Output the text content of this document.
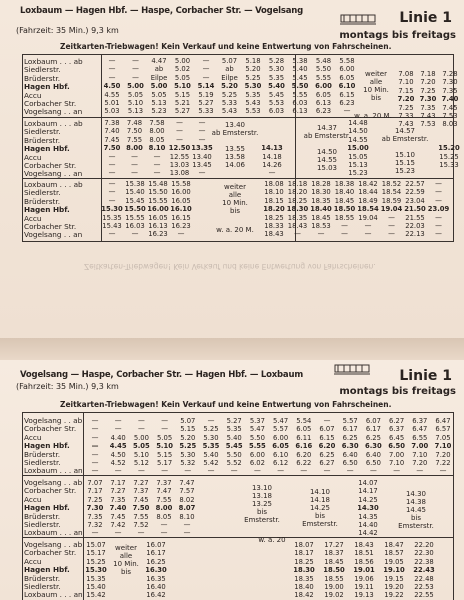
Loxbaum — Hagen Hbf. — Haspe, Corbacher Str. — Vogelsang
(Fahrzeit: 35 Min.) 9,3 km
Linie 1
montags bis freitags
Zeitkarten-Triebwagen! Kein Verkauf und keine Entwertung von Fahrscheinen.
Loxbaum . . . ab
Siedlerstr.
Brüderstr.
Hagen Hbf.
Accu
Corbacher Str.
Vogelsang . . an
Loxbaum . . . ab
Siedlerstr.
Brüderstr.
Hagen Hbf.
Accu
Corbacher Str.
Vogelsang . . an
Loxbaum . . . ab
Siedlerstr.
Brüderstr.
Hagen Hbf.
Accu
Corbacher Str.
Vogelsang . . an
—
—
—
4.50
4.55
5.01
5.03
—
—
—
5.00
5.05
5.10
5.13
4.47
ab
Eilpe
5.00
5.05
5.13
5.23
5.00
5.02
5.05
5.10
5.15
5.21
5.27
—
—
—
5.14
5.19
5.27
5.33
5.07
ab
Eilpe
5.20
5.25
5.33
5.43
5.18
5.20
5.25
5.30
5.35
5.43
5.53
5.28
5.30
5.35
5.40
5.45
5.53
6.03
5.38
5.40
5.45
5.50
5.55
6.03
6.13
5.48
5.50
5.55
6.00
6.05
6.13
6.23
5.58
6.00
6.05
6.10
6.15
6.23
—
7.08
7.10
7.15
7.20
7.25
7.33
7.43
7.18
7.20
7.25
7.30
7.35
7.43
7.53
7.28
7.30
7.35
7.40
7.45
7.53
8.03
weiter
alle
10 Min.
bis
w. a. 20 M.
7.38
7.40
7.45
7.50
—
—
—
7.48
7.50
7.55
8.00
—
—
—
7.58
8.00
8.05
8.10
—
—
—
—
—
—
12.50
12.55
13.03
13.08
—
—
—
13.35
13.40
13.45
—

14.13
14.18
14.26
—
14.48
14.50
14.55
15.00
15.05
15.13
15.23

15.20
15.25
15.33

13.40
ab Emsterstr.

13.55
13.58
14.06
14.37
ab Emsterstr.

14.50
14.55
15.03
14.57
ab Emsterstr.

15.10
15.15
15.23
—
—
—
15.30
15.35
15.43
—
15.38
15.40
15.45
15.50
15.55
16.03
—
15.48
15.50
15.55
16.00
16.05
16.13
16.23
15.58
16.00
16.05
16.10
16.15
16.23
—
18.08
18.10
18.15
18.20
18.25
18.33
18.43
18.18
18.20
18.25
18.30
18.35
18.43
—
18.28
18.30
18.35
18.40
18.45
18.53
—
18.38
18.40
18.45
18.50
18.55
—
—
18.42
18.44
18.49
18.54
19.04
—
—
18.52
18.54
18.59
19.04
—
—
—
22.57
22.59
23.04
21.50
21.55
22.03
22.13
—
—
—
23.09
—
—
—
weiter
alle
10 Min.
bis
w. a. 20 M.
Zeitkarten-Triebwagen! Kein Verkauf und keine Entwertung von Fahrscheinen.
Vogelsang — Haspe, Corbacher Str. — Hagen Hbf. — Loxbaum
(Fahrzeit: 35 Min.) 9,3 km
Linie 1
montags bis freitags
Zeitkarten-Triebwagen! Kein Verkauf und keine Entwertung von Fahrscheinen.
Vogelsang . . ab
Corbacher Str.
Accu
Hagen Hbf.
Brüderstr.
Siedlerstr.
Loxbaum . . . an
Vogelsang . . ab
Corbacher Str.
Accu
Hagen Hbf.
Brüderstr.
Siedlerstr.
Loxbaum . . . an
Vogelsang . . ab
Corbacher Str.
Accu
Hagen Hbf.
Brüderstr.
Siedlerstr.
Loxbaum . . . an
—
—
—
—
—
—
—
—
—
4.40
4.45
4.50
4.52
—
—
—
5.00
5.05
5.10
5.12
—
—
—
5.05
5.10
5.15
5.17
—
5.07
5.15
5.20
5.25
5.30
5.32
—
—
5.25
5.30
5.35
5.40
5.42
—
5.27
5.35
5.40
5.45
5.50
5.52
—
5.37
5.47
5.50
5.55
6.00
6.02
—
5.47
5.57
6.00
6.05
6.10
6.12
—
5.54
6.05
6.11
6.16
6.20
6.22
—
—
6.07
6.15
6.20
6.25
6.27
—
5.57
6.17
6.25
6.30
6.40
6.50
—
6.07
6.17
6.25
6.30
6.40
6.50
—
6.27
6.37
6.45
6.50
7.00
7.10
—
6.37
6.47
6.55
7.00
7.10
7.20
—
6.47
6.57
7.05
7.10
7.20
7.22
—
7.07
7.17
7.25
7.30
7.35
7.32
—
7.17
7.27
7.35
7.40
7.45
7.42
—
7.27
7.37
7.45
7.50
7.55
7.52
—
7.37
7.47
7.55
8.00
8.05
—
—
7.47
7.57
8.02
8.07
8.10
—
—
14.07
14.17
14.25
14.30
14.35
14.40
14.42
13.10
13.18
13.25
bis
Emsterstr.
14.10
14.18
14.25
bis
Emsterstr.
14.30
14.38
14.45
bis
Emsterstr.
15.07
15.17
15.25
15.30
15.35
15.40
15.42
16.07
16.17
16.25
16.30
16.35
16.40
16.42
18.07
18.17
18.25
18.30
18.35
18.40
18.42
17.27
18.37
18.45
18.50
18.55
19.00
19.02
18.43
18.51
18.56
19.01
19.06
19.11
19.13
18.47
18.57
19.05
19.10
19.15
19.20
19.22
22.20
22.30
22.38
22.43
22.48
22.53
22.55
weiter
alle
10 Min.
bis
w. a. 20
